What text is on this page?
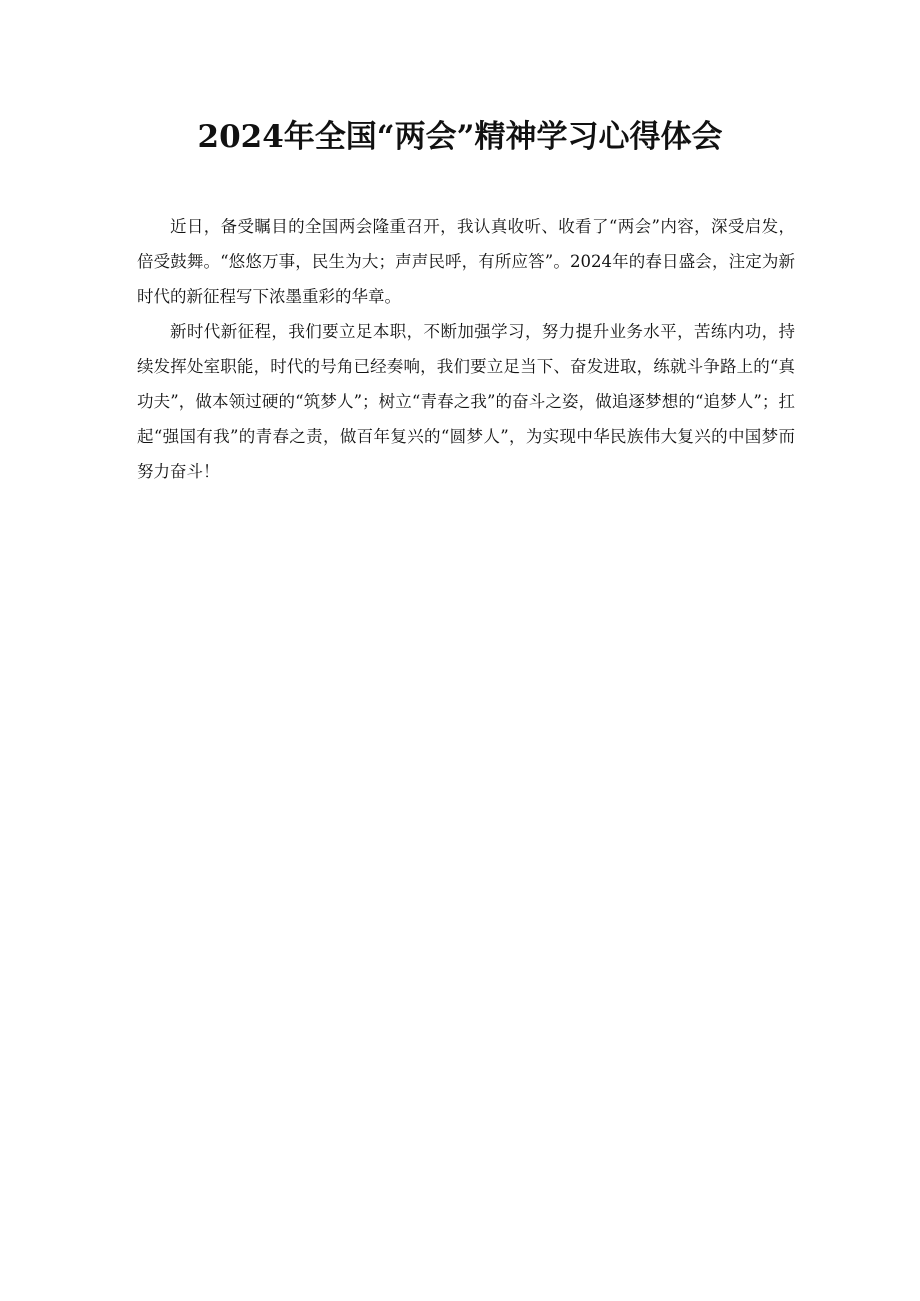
2024年全国“两会”精神学习心得体会

近日，备受瞩目的全国两会隆重召开，我认真收听、收看了“两会”内容，深受启发，倍受鼓舞。“悠悠万事，民生为大；声声民呼，有所应答”。2024年的春日盛会，注定为新时代的新征程写下浓墨重彩的华章。

新时代新征程，我们要立足本职，不断加强学习，努力提升业务水平，苦练内功，持续发挥处室职能，时代的号角已经奏响，我们要立足当下、奋发进取，练就斗争路上的“真功夫”，做本领过硬的“筑梦人”；树立“青春之我”的奋斗之姿，做追逐梦想的“追梦人”；扛起“强国有我”的青春之责，做百年复兴的“圆梦人”，为实现中华民族伟大复兴的中国梦而努力奋斗！
